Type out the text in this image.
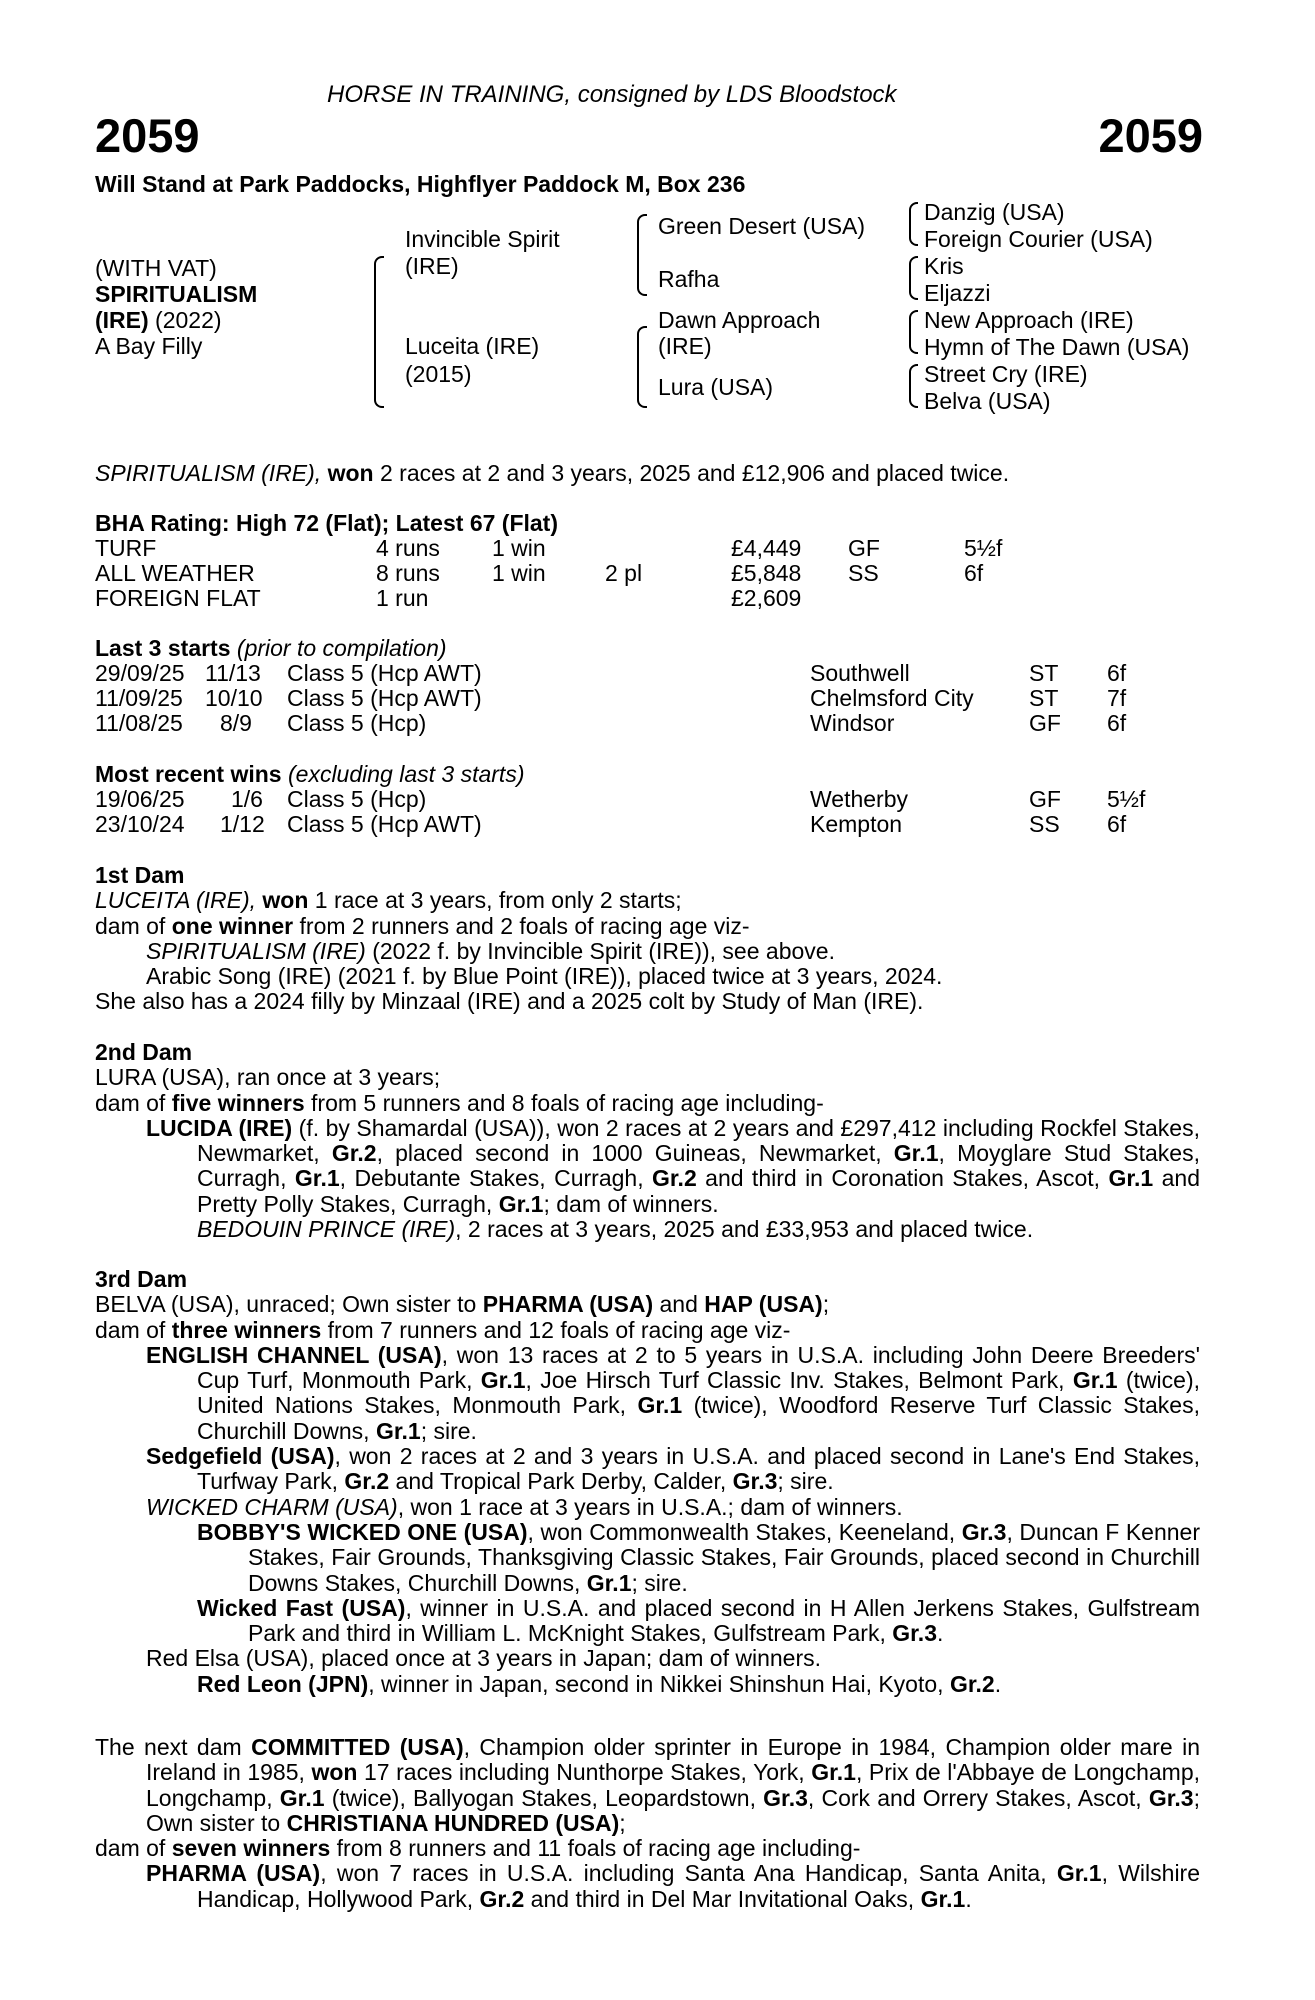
HORSE IN TRAINING, consigned by LDS Bloodstock
2059	2059
Will Stand at Park Paddocks, Highflyer Paddock M, Box 236
(WITH VAT)
SPIRITUALISM
(IRE) (2022)
A Bay Filly
Invincible Spirit
(IRE)
Luceita (IRE)
(2015)
Green Desert (USA)
Rafha
Dawn Approach
(IRE)
Lura (USA)
Danzig (USA)
Foreign Courier (USA)
Kris
Eljazzi
New Approach (IRE)
Hymn of The Dawn (USA)
Street Cry (IRE)
Belva (USA)
SPIRITUALISM (IRE), won 2 races at 2 and 3 years, 2025 and £12,906 and placed twice.
BHA Rating: High 72 (Flat); Latest 67 (Flat)
TURF	4 runs 1 win	£4,449 GF	5½f
ALL WEATHER	8 runs 1 win	2 pl	£5,848 SS	6f
FOREIGN FLAT	1 run	£2,609
Last 3 starts (prior to compilation)
29/09/25 11/13 Class 5 (Hcp AWT)	Southwell	ST 6f
11/09/25 10/10 Class 5 (Hcp AWT)	Chelmsford City ST 7f
11/08/25 8/9 Class 5 (Hcp)	Windsor	GF 6f
Most recent wins (excluding last 3 starts)
19/06/25 1/6 Class 5 (Hcp)	Wetherby	GF 5½f
23/10/24 1/12 Class 5 (Hcp AWT)	Kempton	SS 6f
1st Dam
LUCEITA (IRE), won 1 race at 3 years, from only 2 starts;
dam of one winner from 2 runners and 2 foals of racing age viz-
SPIRITUALISM (IRE) (2022 f. by Invincible Spirit (IRE)), see above.
Arabic Song (IRE) (2021 f. by Blue Point (IRE)), placed twice at 3 years, 2024.
She also has a 2024 filly by Minzaal (IRE) and a 2025 colt by Study of Man (IRE).
2nd Dam
LURA (USA), ran once at 3 years;
dam of five winners from 5 runners and 8 foals of racing age including-
LUCIDA (IRE) (f. by Shamardal (USA)), won 2 races at 2 years and £297,412 including Rockfel Stakes, Newmarket, Gr.2, placed second in 1000 Guineas, Newmarket, Gr.1, Moyglare Stud Stakes, Curragh, Gr.1, Debutante Stakes, Curragh, Gr.2 and third in Coronation Stakes, Ascot, Gr.1 and Pretty Polly Stakes, Curragh, Gr.1; dam of winners.
BEDOUIN PRINCE (IRE), 2 races at 3 years, 2025 and £33,953 and placed twice.
3rd Dam
BELVA (USA), unraced; Own sister to PHARMA (USA) and HAP (USA);
dam of three winners from 7 runners and 12 foals of racing age viz-
ENGLISH CHANNEL (USA), won 13 races at 2 to 5 years in U.S.A. including John Deere Breeders' Cup Turf, Monmouth Park, Gr.1, Joe Hirsch Turf Classic Inv. Stakes, Belmont Park, Gr.1 (twice), United Nations Stakes, Monmouth Park, Gr.1 (twice), Woodford Reserve Turf Classic Stakes, Churchill Downs, Gr.1; sire.
Sedgefield (USA), won 2 races at 2 and 3 years in U.S.A. and placed second in Lane's End Stakes, Turfway Park, Gr.2 and Tropical Park Derby, Calder, Gr.3; sire.
WICKED CHARM (USA), won 1 race at 3 years in U.S.A.; dam of winners.
BOBBY'S WICKED ONE (USA), won Commonwealth Stakes, Keeneland, Gr.3, Duncan F Kenner Stakes, Fair Grounds, Thanksgiving Classic Stakes, Fair Grounds, placed second in Churchill Downs Stakes, Churchill Downs, Gr.1; sire.
Wicked Fast (USA), winner in U.S.A. and placed second in H Allen Jerkens Stakes, Gulfstream Park and third in William L. McKnight Stakes, Gulfstream Park, Gr.3.
Red Elsa (USA), placed once at 3 years in Japan; dam of winners.
Red Leon (JPN), winner in Japan, second in Nikkei Shinshun Hai, Kyoto, Gr.2.
The next dam COMMITTED (USA), Champion older sprinter in Europe in 1984, Champion older mare in Ireland in 1985, won 17 races including Nunthorpe Stakes, York, Gr.1, Prix de l'Abbaye de Longchamp, Longchamp, Gr.1 (twice), Ballyogan Stakes, Leopardstown, Gr.3, Cork and Orrery Stakes, Ascot, Gr.3; Own sister to CHRISTIANA HUNDRED (USA);
dam of seven winners from 8 runners and 11 foals of racing age including-
PHARMA (USA), won 7 races in U.S.A. including Santa Ana Handicap, Santa Anita, Gr.1, Wilshire Handicap, Hollywood Park, Gr.2 and third in Del Mar Invitational Oaks, Gr.1.
